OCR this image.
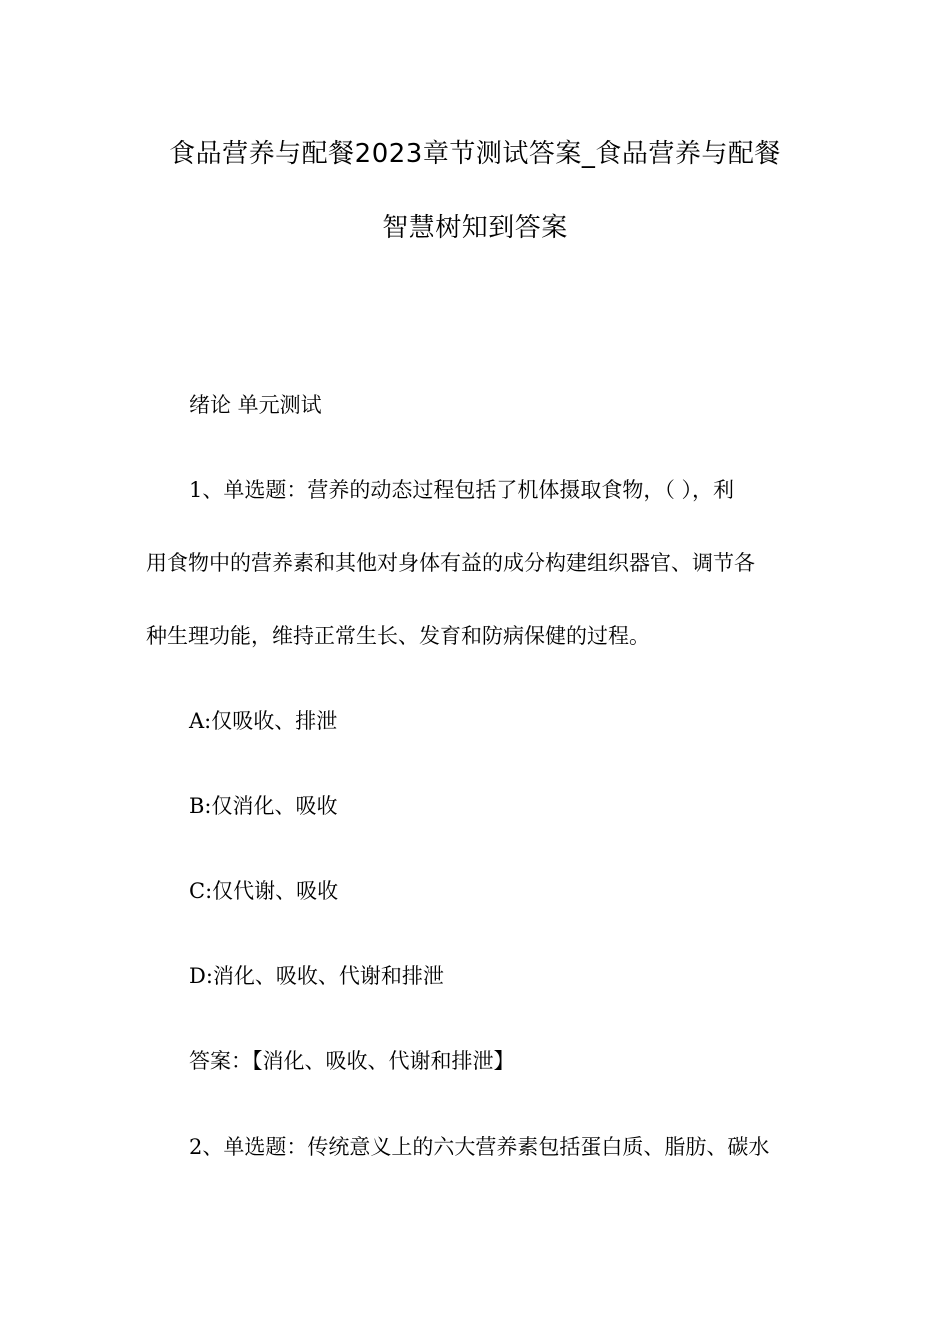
食品营养与配餐2023章节测试答案_食品营养与配餐
智慧树知到答案
绪论 单元测试
1、单选题：营养的动态过程包括了机体摄取食物，（ ），利
用食物中的营养素和其他对身体有益的成分构建组织器官、调节各
种生理功能，维持正常生长、发育和防病保健的过程。
A:仅吸收、排泄
B:仅消化、吸收
C:仅代谢、吸收
D:消化、吸收、代谢和排泄
答案：【消化、吸收、代谢和排泄】
2、单选题：传统意义上的六大营养素包括蛋白质、脂肪、碳水
